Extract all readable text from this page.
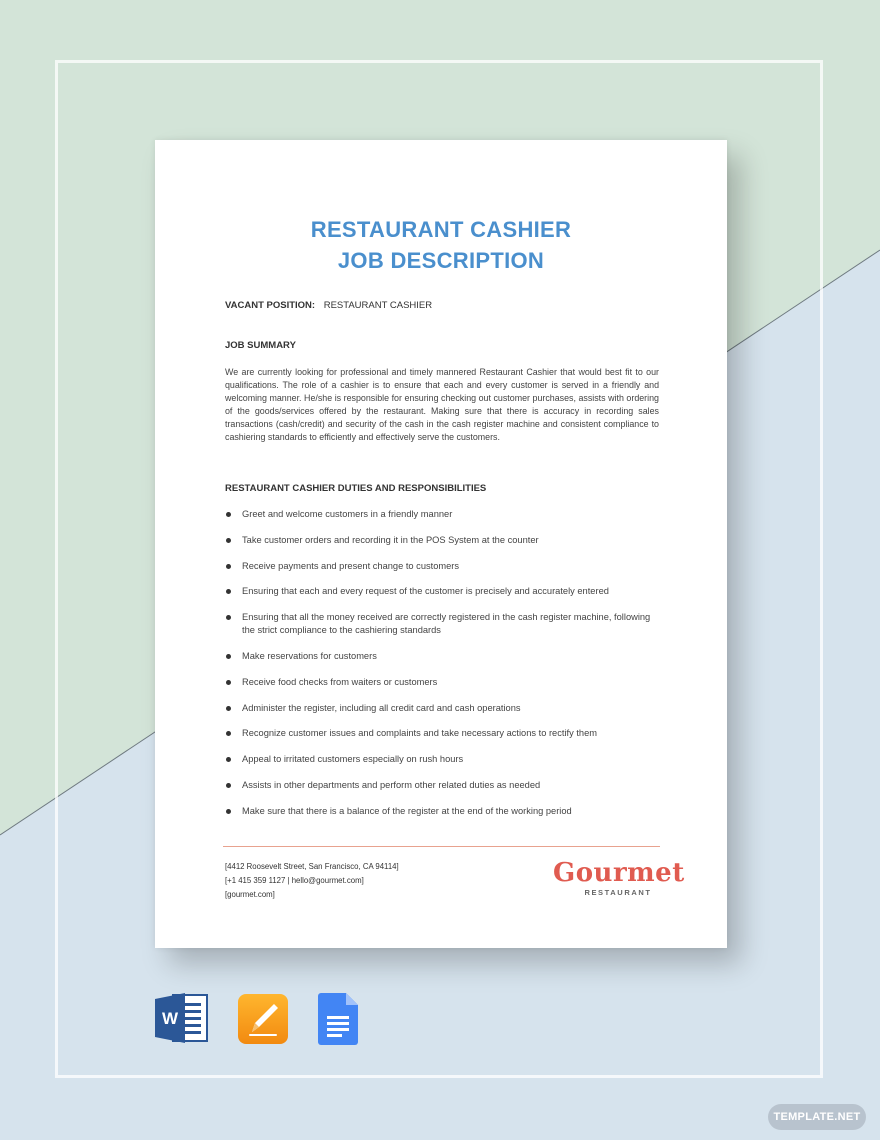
RESTAURANT CASHIER
JOB DESCRIPTION
VACANT POSITION: RESTAURANT CASHIER
JOB SUMMARY
We are currently looking for professional and timely mannered Restaurant Cashier that would best fit to our qualifications. The role of a cashier is to ensure that each and every customer is served in a friendly and welcoming manner. He/she is responsible for ensuring checking out customer purchases, assists with ordering of the goods/services offered by the restaurant. Making sure that there is accuracy in recording sales transactions (cash/credit) and security of the cash in the cash register machine and consistent compliance to cashiering standards to efficiently and effectively serve the customers.
RESTAURANT CASHIER DUTIES AND RESPONSIBILITIES
Greet and welcome customers in a friendly manner
Take customer orders and recording it in the POS System at the counter
Receive payments and present change to customers
Ensuring that each and every request of the customer is precisely and accurately entered
Ensuring that all the money received are correctly registered in the cash register machine, following the strict compliance to the cashiering standards
Make reservations for customers
Receive food checks from waiters or customers
Administer the register, including all credit card and cash operations
Recognize customer issues and complaints and take necessary actions to rectify them
Appeal to irritated customers especially on rush hours
Assists in other departments and perform other related duties as needed
Make sure that there is a balance of the register at the end of the working period
[4412 Roosevelt Street, San Francisco, CA 94114]
[+1 415 359 1127 | hello@gourmet.com]
[gourmet.com]
Gourmet
RESTAURANT
W
TEMPLATE.NET
